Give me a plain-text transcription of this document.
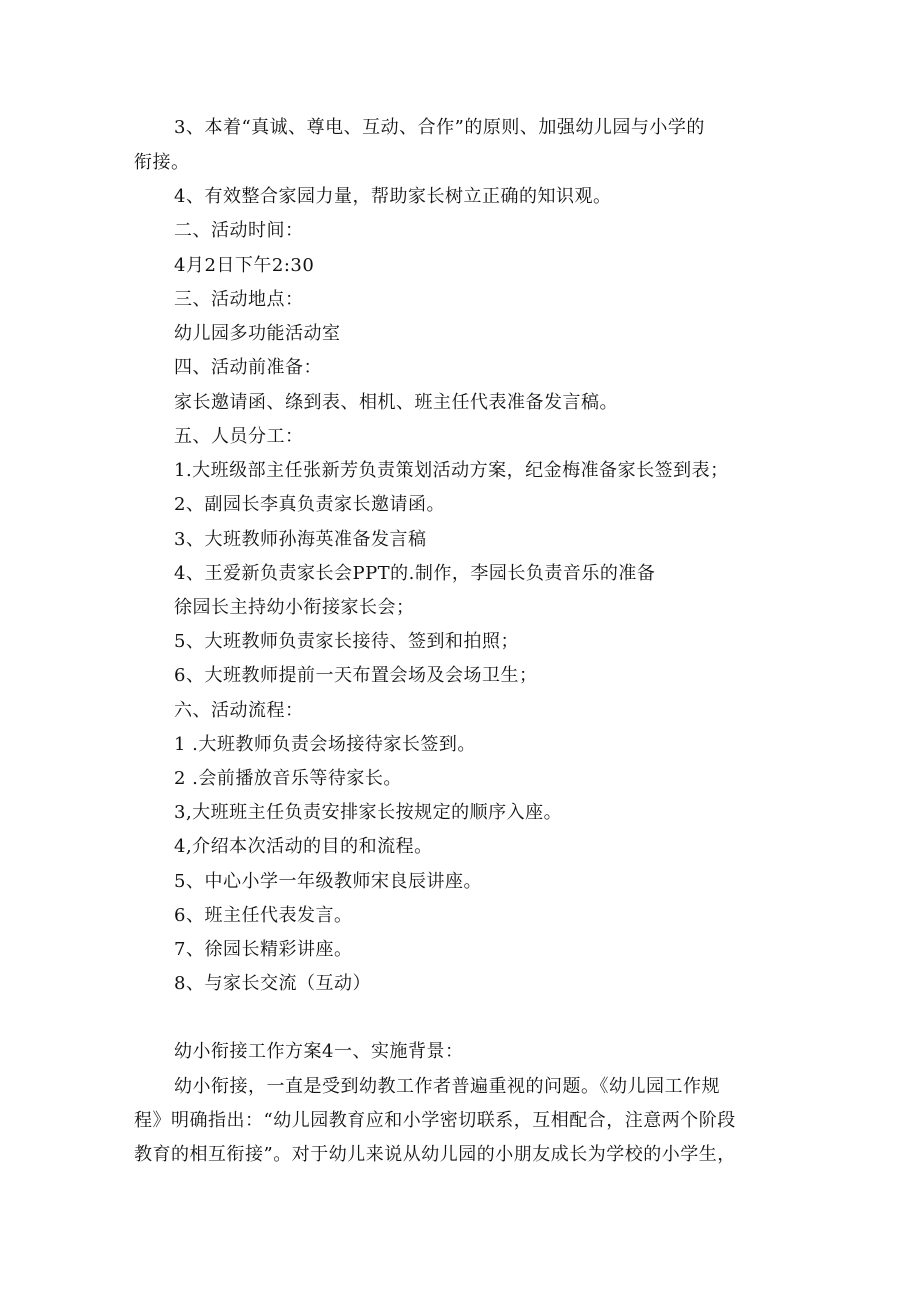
3、本着“真诚、尊电、互动、合作”的原则、加强幼儿园与小学的
衔接。
4、有效整合家园力量，帮助家长树立正确的知识观。
二、活动时间：
4月2日下午2:30
三、活动地点：
幼儿园多功能活动室
四、活动前准备：
家长邀请函、绦到表、相机、班主任代表准备发言稿。
五、人员分工：
1.大班级部主任张新芳负责策划活动方案，纪金梅准备家长签到表；
2、副园长李真负责家长邀请函。
3、大班教师孙海英准备发言稿
4、王爱新负责家长会PPT的.制作，李园长负责音乐的准备
徐园长主持幼小衔接家长会；
5、大班教师负责家长接待、签到和拍照；
6、大班教师提前一天布置会场及会场卫生；
六、活动流程：
1 .大班教师负责会场接待家长签到。
2 .会前播放音乐等待家长。
3,大班班主任负责安排家长按规定的顺序入座。
4,介绍本次活动的目的和流程。
5、中心小学一年级教师宋良辰讲座。
6、班主任代表发言。
7、徐园长精彩讲座。
8、与家长交流（互动）
幼小衔接工作方案4一、实施背景：
幼小衔接，一直是受到幼教工作者普遍重视的问题。《幼儿园工作规
程》明确指出：“幼儿园教育应和小学密切联系，互相配合，注意两个阶段
教育的相互衔接”。对于幼儿来说从幼儿园的小朋友成长为学校的小学生，
